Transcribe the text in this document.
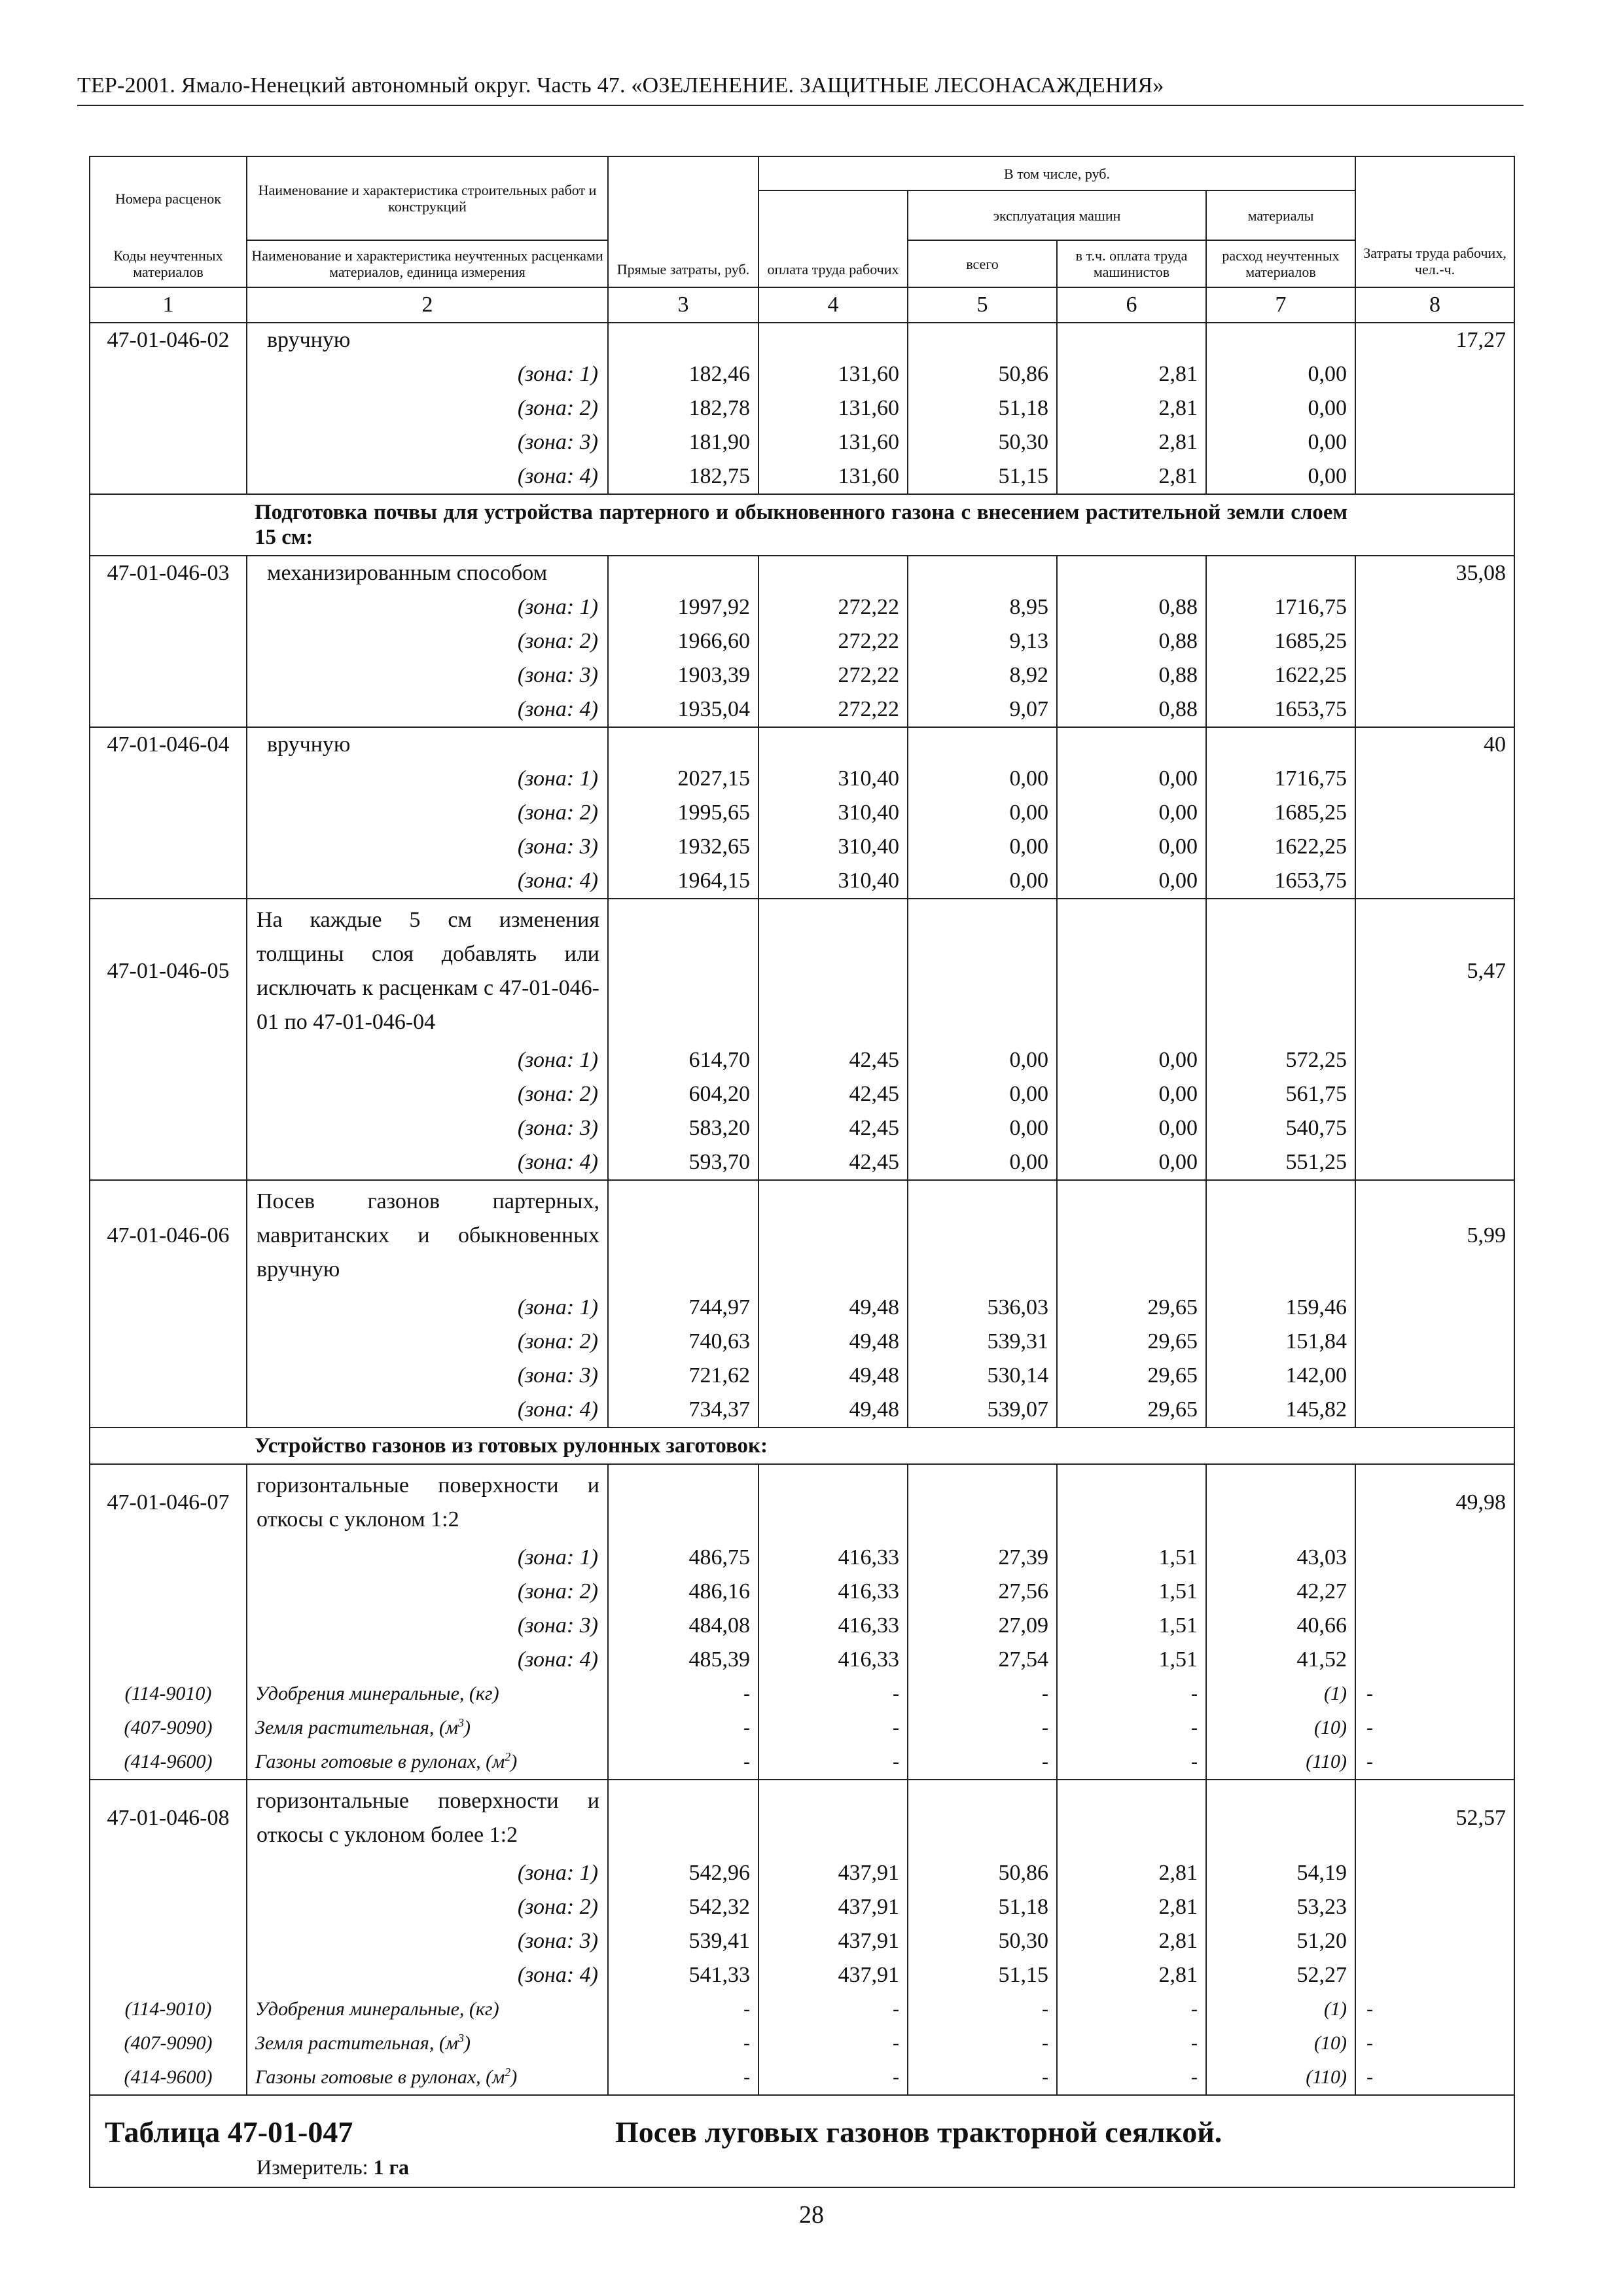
ТЕР-2001. Ямало-Ненецкий автономный округ. Часть 47. «ОЗЕЛЕНЕНИЕ. ЗАЩИТНЫЕ ЛЕСОНАСАЖДЕНИЯ»
Номера расценок	Наименование и характеристика строительных работ и конструкций	Прямые затраты, руб.	В том числе, руб.				Затраты труда рабочих, чел.-ч.
			оплата труда рабочих	эксплуатация машин		материалы	
Коды неучтенных материалов	Наименование и характеристика неучтенных расценками материалов, единица измерения			всего	в т.ч. оплата труда машинистов	расход неучтенных материалов	

1	2	3	4	5	6	7	8
47-01-046-02	вручную						17,27
	(зона: 1)	182,46	131,60	50,86	2,81	0,00	
	(зона: 2)	182,78	131,60	51,18	2,81	0,00	
	(зона: 3)	181,90	131,60	50,30	2,81	0,00	
	(зона: 4)	182,75	131,60	51,15	2,81	0,00	
	Подготовка почвы для устройства партерного и обыкновенного газона с внесением растительной земли слоем 15 см:						
47-01-046-03	механизированным способом						35,08
	(зона: 1)	1997,92	272,22	8,95	0,88	1716,75	
	(зона: 2)	1966,60	272,22	9,13	0,88	1685,25	
	(зона: 3)	1903,39	272,22	8,92	0,88	1622,25	
	(зона: 4)	1935,04	272,22	9,07	0,88	1653,75	
47-01-046-04	вручную						40
	(зона: 1)	2027,15	310,40	0,00	0,00	1716,75	
	(зона: 2)	1995,65	310,40	0,00	0,00	1685,25	
	(зона: 3)	1932,65	310,40	0,00	0,00	1622,25	
	(зона: 4)	1964,15	310,40	0,00	0,00	1653,75	
47-01-046-05	На каждые 5 см изменения толщины слоя добавлять или исключать к расценкам с 47-01-046-01 по 47-01-046-04						5,47
	(зона: 1)	614,70	42,45	0,00	0,00	572,25	
	(зона: 2)	604,20	42,45	0,00	0,00	561,75	
	(зона: 3)	583,20	42,45	0,00	0,00	540,75	
	(зона: 4)	593,70	42,45	0,00	0,00	551,25	
47-01-046-06	Посев газонов партерных, мавританских и обыкновенных вручную						5,99
	(зона: 1)	744,97	49,48	536,03	29,65	159,46	
	(зона: 2)	740,63	49,48	539,31	29,65	151,84	
	(зона: 3)	721,62	49,48	530,14	29,65	142,00	
	(зона: 4)	734,37	49,48	539,07	29,65	145,82	
	Устройство газонов из готовых рулонных заготовок:						
47-01-046-07	горизонтальные поверхности и откосы с уклоном 1:2						49,98
	(зона: 1)	486,75	416,33	27,39	1,51	43,03	
	(зона: 2)	486,16	416,33	27,56	1,51	42,27	
	(зона: 3)	484,08	416,33	27,09	1,51	40,66	
	(зона: 4)	485,39	416,33	27,54	1,51	41,52	
(114-9010)	Удобрения минеральные, (кг)	-	-	-	-	(1)	-
(407-9090)	Земля растительная, $(м^3)$	-	-	-	-	(10)	-
(414-9600)	Газоны готовые в рулонах, $(м^2)$	-	-	-	-	(110)	-
47-01-046-08	горизонтальные поверхности и откосы с уклоном более 1:2						52,57
	(зона: 1)	542,96	437,91	50,86	2,81	54,19	
	(зона: 2)	542,32	437,91	51,18	2,81	53,23	
	(зона: 3)	539,41	437,91	50,30	2,81	51,20	
	(зона: 4)	541,33	437,91	51,15	2,81	52,27	
(114-9010)	Удобрения минеральные, (кг)	-	-	-	-	(1)	-
(407-9090)	Земля растительная, $(м^3)$	-	-	-	-	(10)	-
(414-9600)	Газоны готовые в рулонах, $(м^2)$	-	-	-	-	(110)	-

Таблица 47-01-047 Посев луговых газонов тракторной сеялкой.
Измеритель: 1 га							
28
